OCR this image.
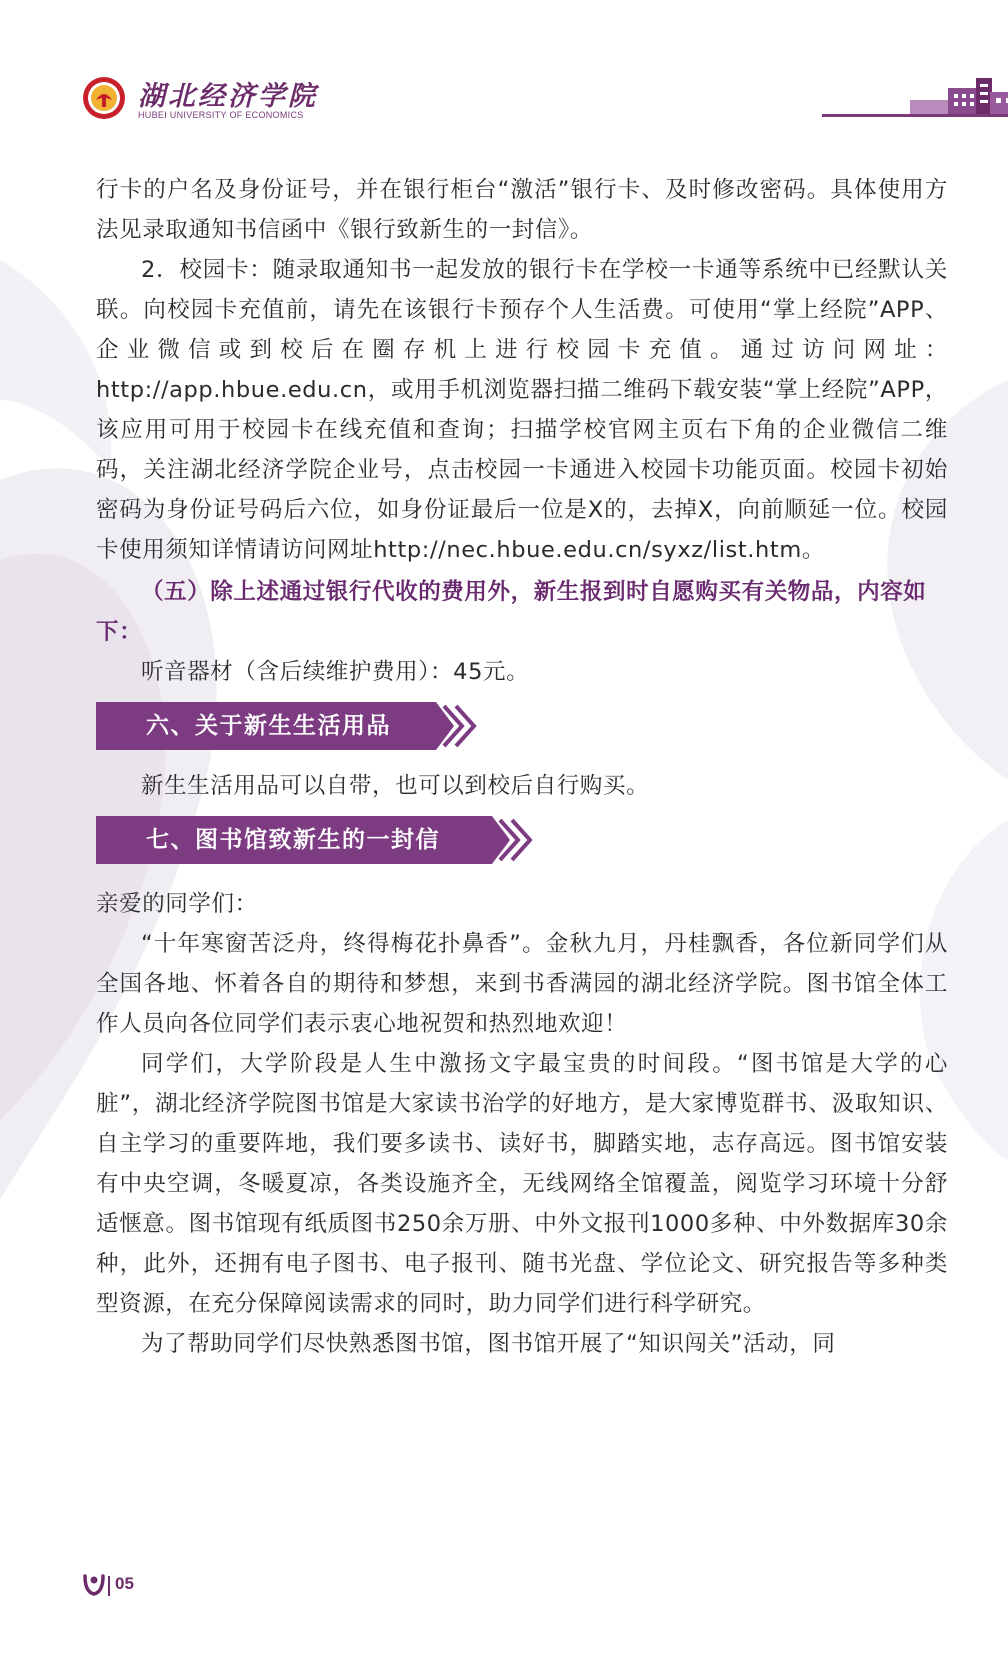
湖北经济学院
HUBEI UNIVERSITY OF ECONOMICS

行卡的户名及身份证号，并在银行柜台“激活”银行卡、及时修改密码。具体使用方法见录取通知书信函中《银行致新生的一封信》。

2．校园卡：随录取通知书一起发放的银行卡在学校一卡通等系统中已经默认关联。向校园卡充值前，请先在该银行卡预存个人生活费。可使用“掌上经院”APP、企业微信或到校后在圈存机上进行校园卡充值。通过访问网址：http://app.hbue.edu.cn，或用手机浏览器扫描二维码下载安装“掌上经院”APP，该应用可用于校园卡在线充值和查询；扫描学校官网主页右下角的企业微信二维码，关注湖北经济学院企业号，点击校园一卡通进入校园卡功能页面。校园卡初始密码为身份证号码后六位，如身份证最后一位是X的，去掉X，向前顺延一位。校园卡使用须知详情请访问网址http://nec.hbue.edu.cn/syxz/list.htm。

（五）除上述通过银行代收的费用外，新生报到时自愿购买有关物品，内容如下：

听音器材（含后续维护费用）：45元。

六、关于新生生活用品

新生生活用品可以自带，也可以到校后自行购买。

七、图书馆致新生的一封信

亲爱的同学们：

“十年寒窗苦泛舟，终得梅花扑鼻香”。金秋九月，丹桂飘香，各位新同学们从全国各地、怀着各自的期待和梦想，来到书香满园的湖北经济学院。图书馆全体工作人员向各位同学们表示衷心地祝贺和热烈地欢迎！

同学们，大学阶段是人生中激扬文字最宝贵的时间段。“图书馆是大学的心脏”，湖北经济学院图书馆是大家读书治学的好地方，是大家博览群书、汲取知识、自主学习的重要阵地，我们要多读书、读好书，脚踏实地，志存高远。图书馆安装有中央空调，冬暖夏凉，各类设施齐全，无线网络全馆覆盖，阅览学习环境十分舒适惬意。图书馆现有纸质图书250余万册、中外文报刊1000多种、中外数据库30余种，此外，还拥有电子图书、电子报刊、随书光盘、学位论文、研究报告等多种类型资源，在充分保障阅读需求的同时，助力同学们进行科学研究。

为了帮助同学们尽快熟悉图书馆，图书馆开展了“知识闯关”活动，同

05
